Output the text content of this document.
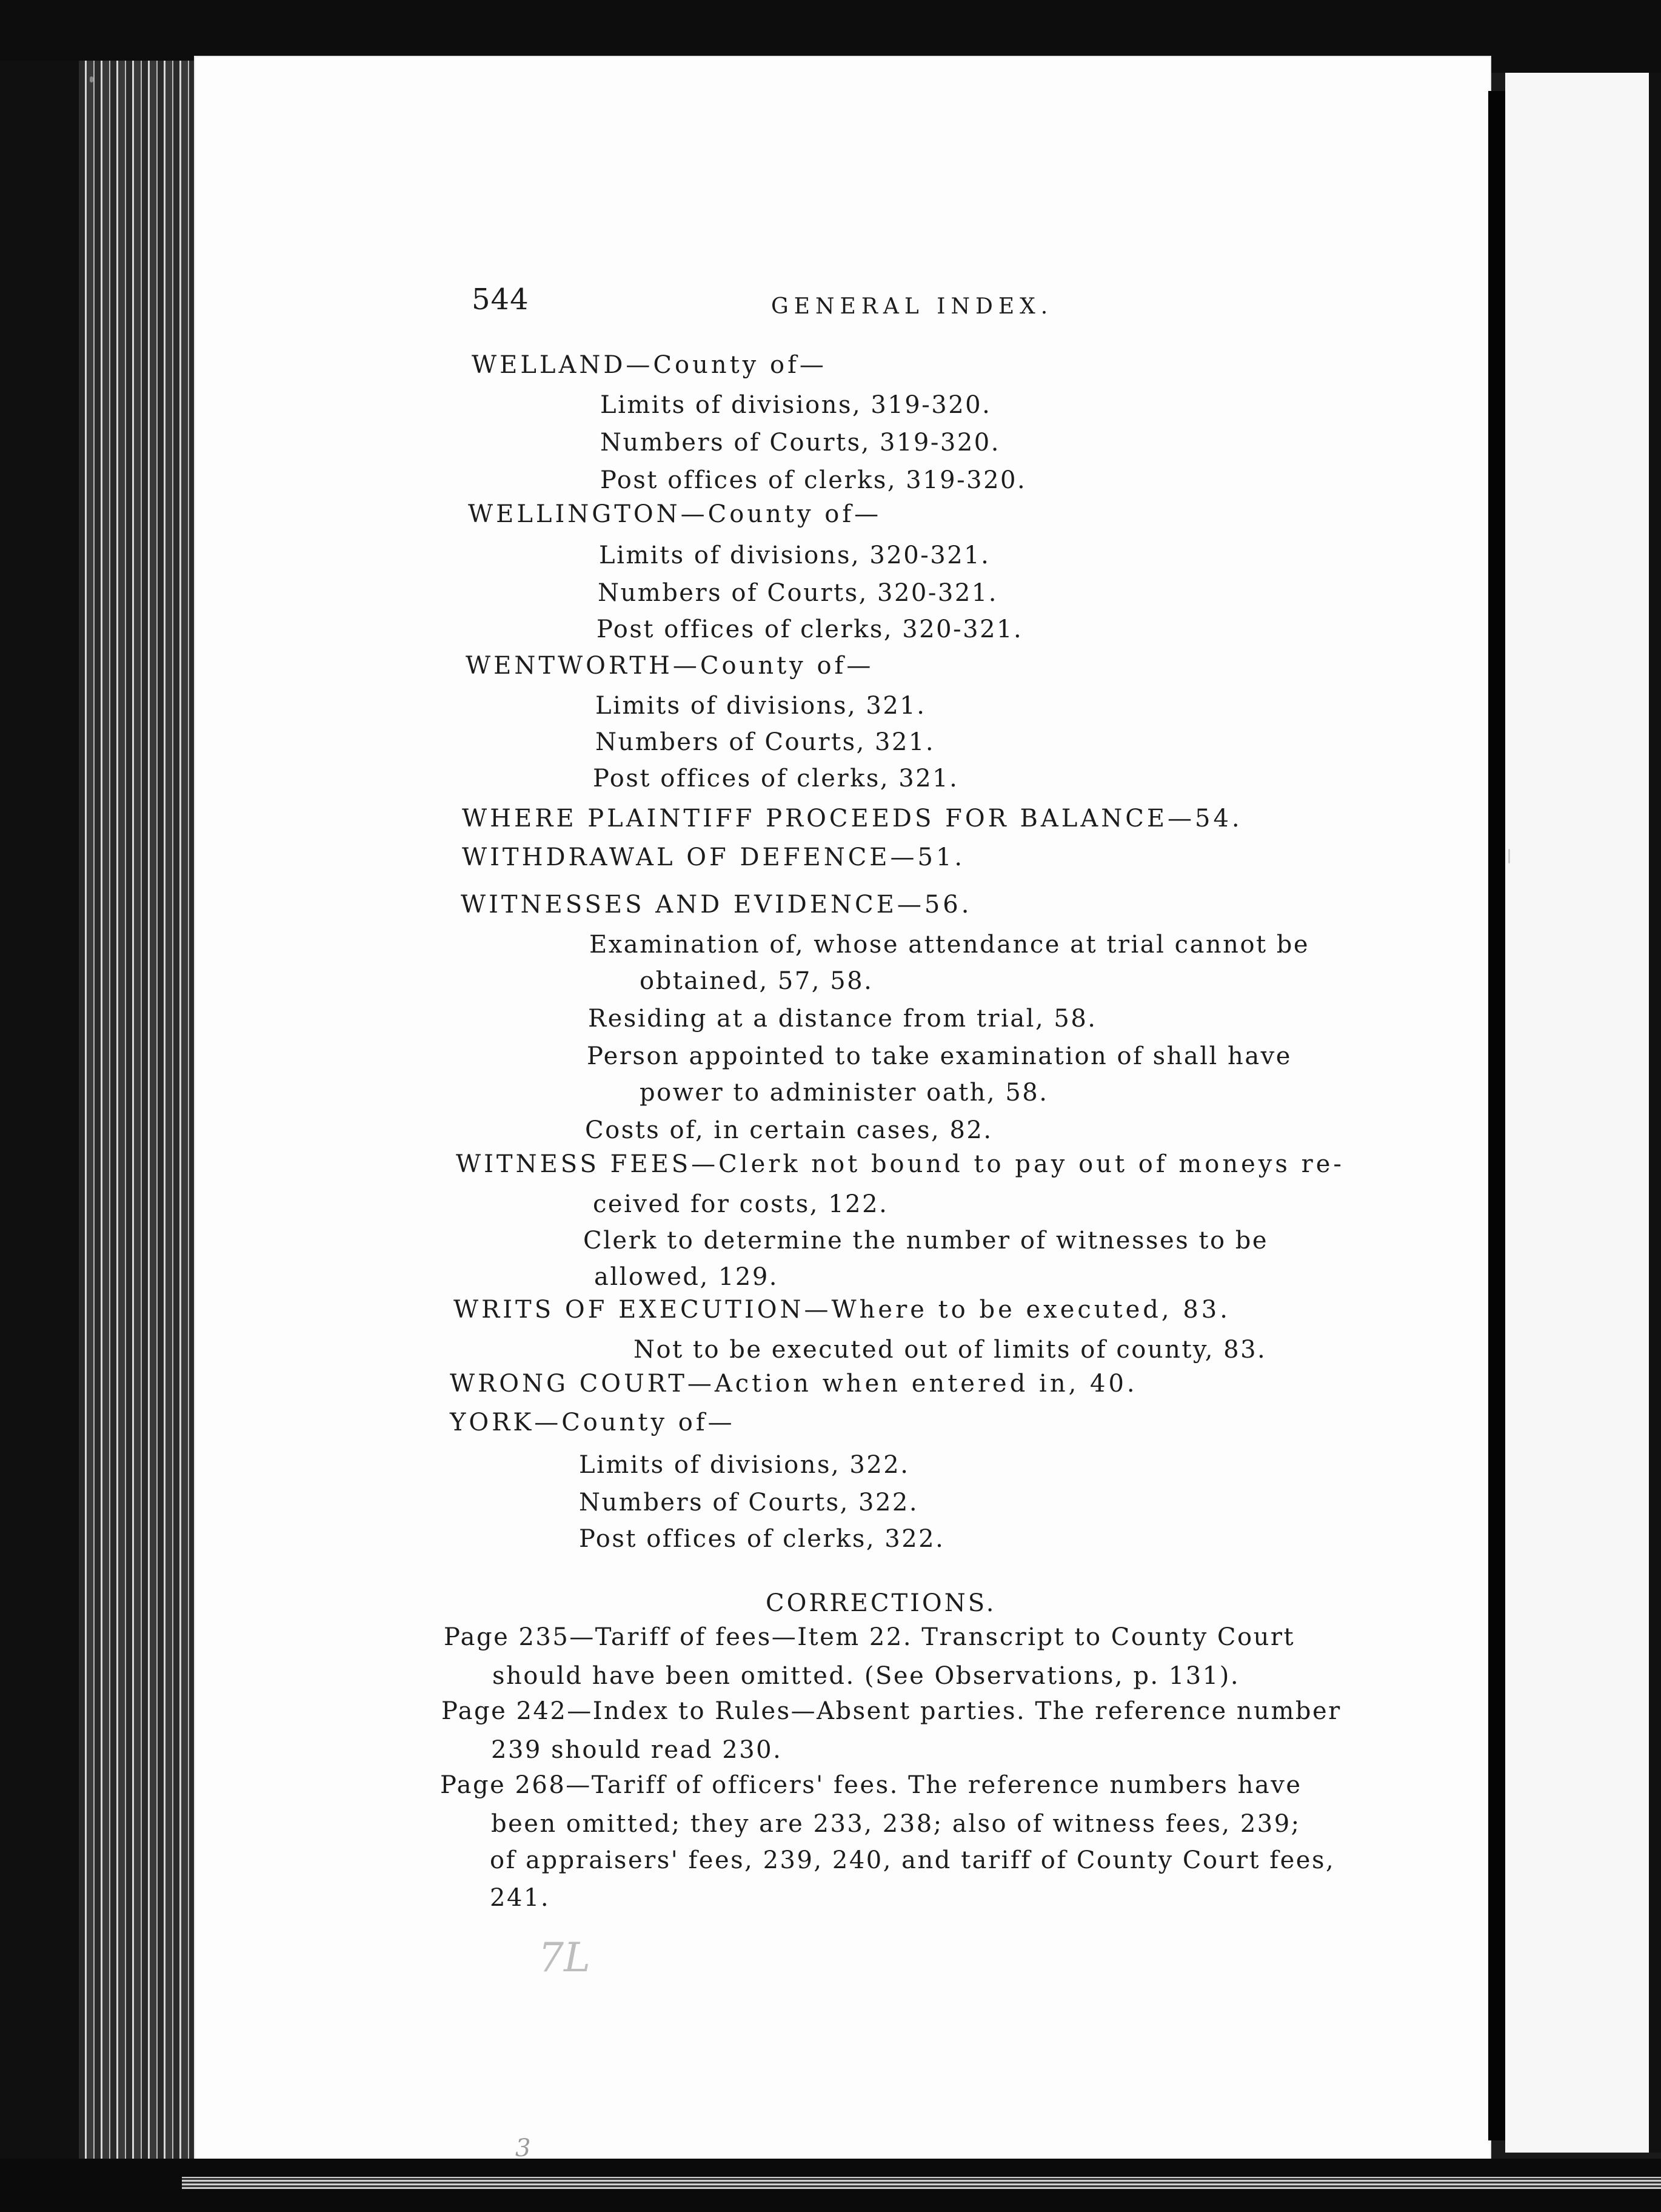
544	GENERAL INDEX.
WELLAND—County of—
Limits of divisions, 319-320.
Numbers of Courts, 319-320.
Post offices of clerks, 319-320.
WELLINGTON—County of—
Limits of divisions, 320-321.
Numbers of Courts, 320-321.
Post offices of clerks, 320-321.
WENTWORTH—County of—
Limits of divisions, 321.
Numbers of Courts, 321.
Post offices of clerks, 321.
WHERE PLAINTIFF PROCEEDS FOR BALANCE—54.
WITHDRAWAL OF DEFENCE—51.
WITNESSES AND EVIDENCE—56.
Examination of, whose attendance at trial cannot be
obtained, 57, 58.
Residing at a distance from trial, 58.
Person appointed to take examination of shall have
power to administer oath, 58.
Costs of, in certain cases, 82.
WITNESS FEES—Clerk not bound to pay out of moneys re-
ceived for costs, 122.
Clerk to determine the number of witnesses to be
allowed, 129.
WRITS OF EXECUTION—Where to be executed, 83.
Not to be executed out of limits of county, 83.
WRONG COURT—Action when entered in, 40.
YORK—County of—
Limits of divisions, 322.
Numbers of Courts, 322.
Post offices of clerks, 322.
CORRECTIONS.
Page 235—Tariff of fees—Item 22. Transcript to County Court
should have been omitted. (See Observations, p. 131).
Page 242—Index to Rules—Absent parties. The reference number
239 should read 230.
Page 268—Tariff of officers' fees. The reference numbers have
been omitted; they are 233, 238; also of witness fees, 239;
of appraisers' fees, 239, 240, and tariff of County Court fees,
241.
7L
3
